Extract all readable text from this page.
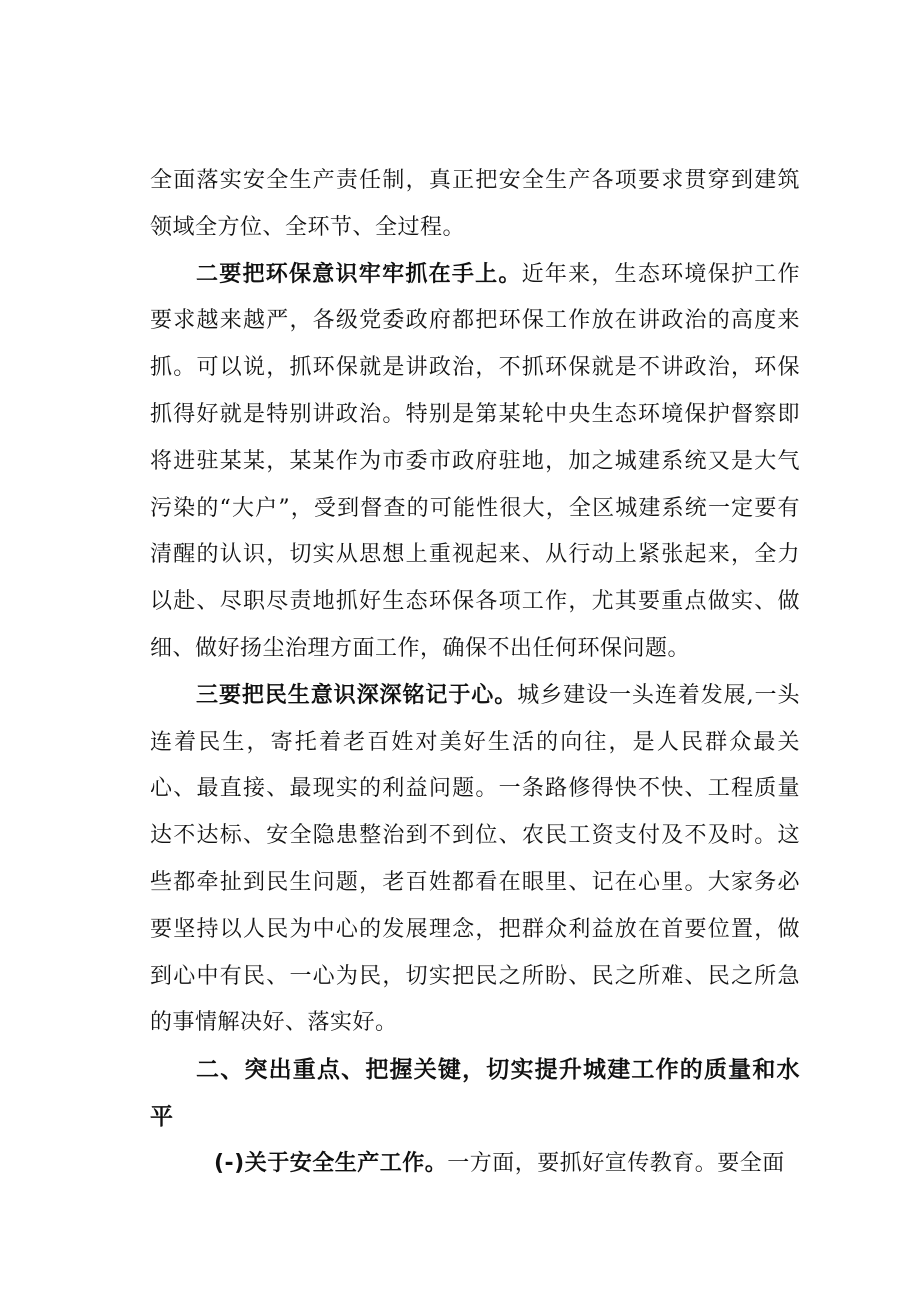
全面落实安全生产责任制，真正把安全生产各项要求贯穿到建筑领域全方位、全环节、全过程。

二要把环保意识牢牢抓在手上。近年来，生态环境保护工作要求越来越严，各级党委政府都把环保工作放在讲政治的高度来抓。可以说，抓环保就是讲政治，不抓环保就是不讲政治，环保抓得好就是特别讲政治。特别是第某轮中央生态环境保护督察即将进驻某某，某某作为市委市政府驻地，加之城建系统又是大气污染的“大户”，受到督查的可能性很大，全区城建系统一定要有清醒的认识，切实从思想上重视起来、从行动上紧张起来，全力以赴、尽职尽责地抓好生态环保各项工作，尤其要重点做实、做细、做好扬尘治理方面工作，确保不出任何环保问题。

三要把民生意识深深铭记于心。城乡建设一头连着发展,一头连着民生，寄托着老百姓对美好生活的向往，是人民群众最关心、最直接、最现实的利益问题。一条路修得快不快、工程质量达不达标、安全隐患整治到不到位、农民工资支付及不及时。这些都牵扯到民生问题，老百姓都看在眼里、记在心里。大家务必要坚持以人民为中心的发展理念，把群众利益放在首要位置，做到心中有民、一心为民，切实把民之所盼、民之所难、民之所急的事情解决好、落实好。

二、突出重点、把握关键，切实提升城建工作的质量和水平

(-)关于安全生产工作。一方面，要抓好宣传教育。要全面
